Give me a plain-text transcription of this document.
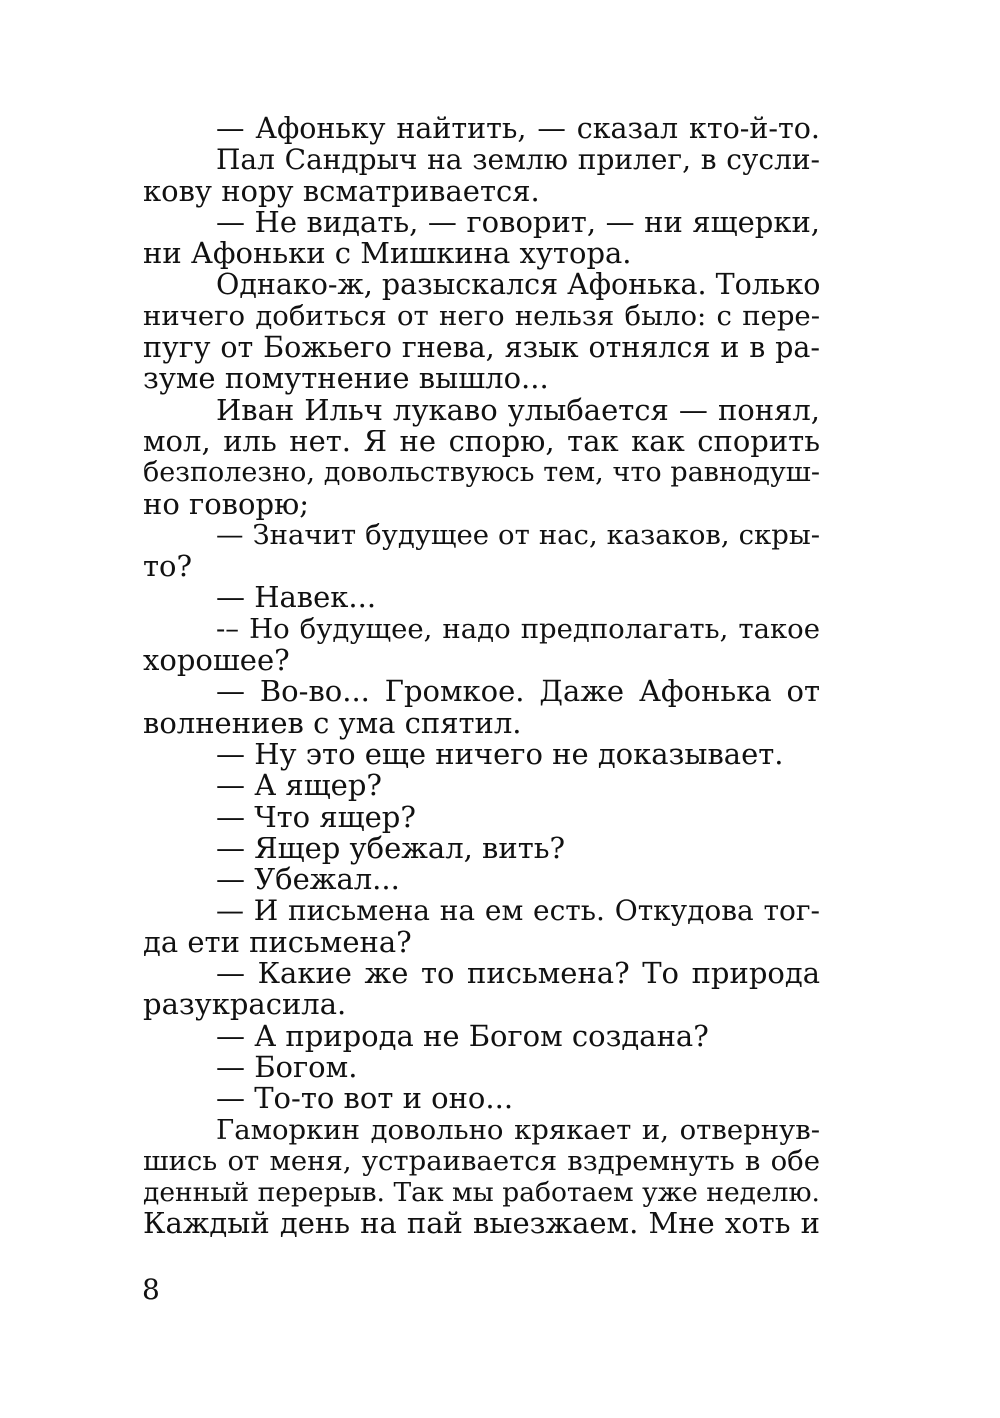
— Афоньку найтить, — сказал кто-й-то.
Пал Сандрыч на землю прилег, в сусли-
кову нору всматривается.
— Не видать, — говорит, — ни ящерки,
ни Афоньки с Мишкина хутора.
Однако-ж, разыскался Афонька. Только
ничего добиться от него нельзя было: с пере-
пугу от Божьего гнева, язык отнялся и в ра-
зуме помутнение вышло...
Иван Ильч лукаво улыбается — понял,
мол, иль нет. Я не спорю, так как спорить
безполезно, довольствуюсь тем, что равнодуш-
но говорю;
— Значит будущее от нас, казаков, скры-
то?
— Навек...
-– Но будущее, надо предполагать, такое
хорошее?
— Во-во... Громкое. Даже Афонька от
волнениев с ума спятил.
— Ну это еще ничего не доказывает.
— А ящер?
— Что ящер?
— Ящер убежал, вить?
— Убежал...
— И письмена на ем есть. Откудова тог-
да ети письмена?
— Какие же то письмена? То природа
разукрасила.
— А природа не Богом создана?
— Богом.
— То-то вот и оно...
Гаморкин довольно крякает и, отвернув-
шись от меня, устраивается вздремнуть в обе
денный перерыв. Так мы работаем уже неделю.
Каждый день на пай выезжаем. Мне хоть и
8
